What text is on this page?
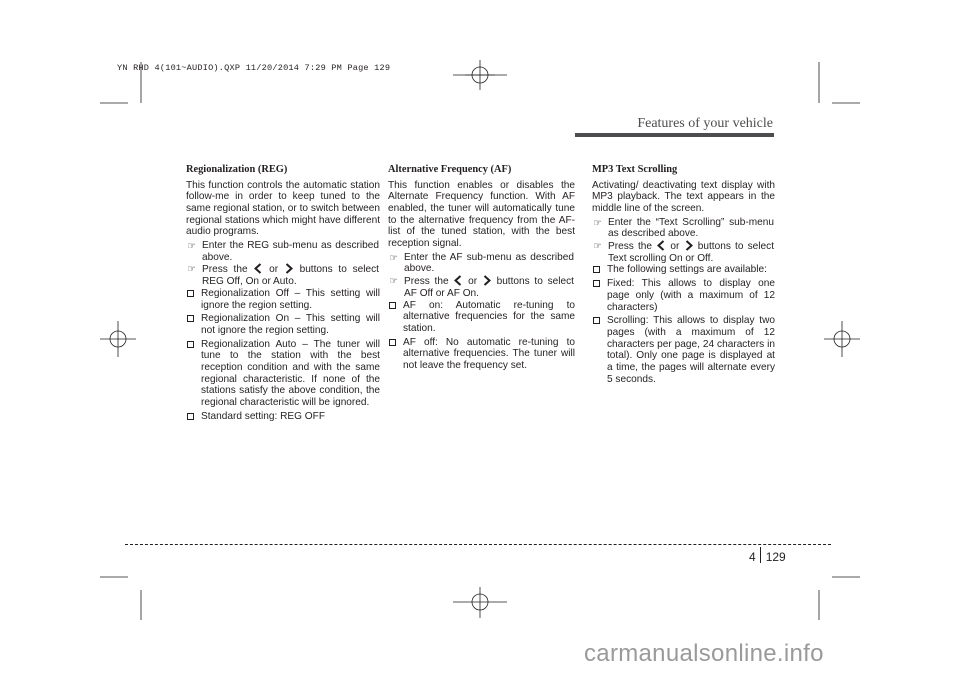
YN RHD 4(101~AUDIO).QXP 11/20/2014 7:29 PM Page 129
Features of your vehicle
Regionalization (REG)
This function controls the automatic station follow-me in order to keep tuned to the same regional station, or to switch between regional stations which might have different audio programs.
☞ Enter the REG sub-menu as described above.
☞ Press the or buttons to select REG Off, On or Auto.
Regionalization Off – This setting will ignore the region setting.
Regionalization On – This setting will not ignore the region setting.
Regionalization Auto – The tuner will tune to the station with the best reception condition and with the same regional characteristic. If none of the stations satisfy the above condition, the regional characteristic will be ignored.
Standard setting: REG OFF
Alternative Frequency (AF)
This function enables or disables the Alternate Frequency function. With AF enabled, the tuner will automatically tune to the alternative frequency from the AF-list of the tuned station, with the best reception signal.
☞ Enter the AF sub-menu as described above.
☞ Press the or buttons to select AF Off or AF On.
AF on: Automatic re-tuning to alternative frequencies for the same station.
AF off: No automatic re-tuning to alternative frequencies. The tuner will not leave the frequency set.
MP3 Text Scrolling
Activating/ deactivating text display with MP3 playback. The text appears in the middle line of the screen.
☞ Enter the “Text Scrolling” sub-menu as described above.
☞ Press the or buttons to select Text scrolling On or Off.
The following settings are available:
Fixed: This allows to display one page only (with a maximum of 12 characters)
Scrolling: This allows to display two pages (with a maximum of 12 characters per page, 24 characters in total). Only one page is displayed at a time, the pages will alternate every 5 seconds.
4 129
carmanualsonline.info
